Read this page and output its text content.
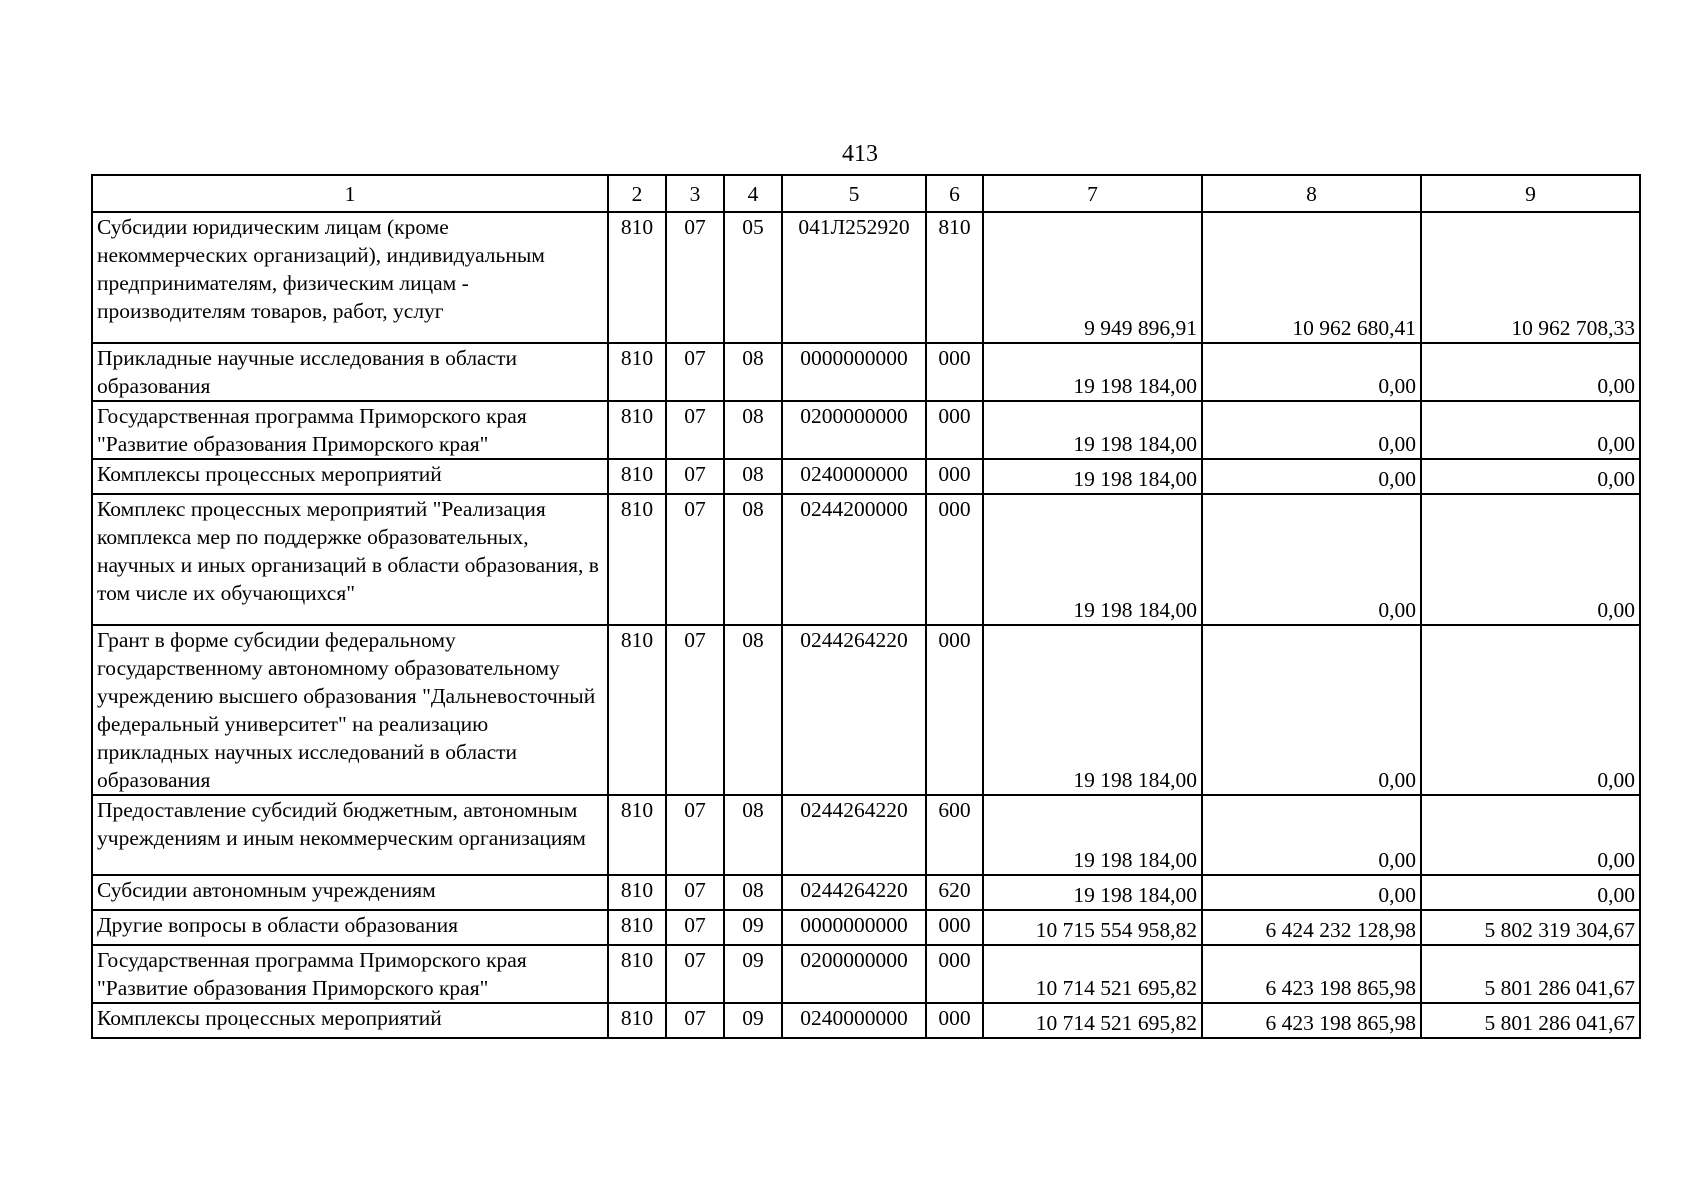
413
1	2	3	4	5	6	7	8	9
Субсидии юридическим лицам (кроме некоммерческих организаций), индивидуальным предпринимателям, физическим лицам - производителям товаров, работ, услуг	810	07	05	041Л252920	810	9 949 896,91	10 962 680,41	10 962 708,33
Прикладные научные исследования в области образования	810	07	08	0000000000	000	19 198 184,00	0,00	0,00
Государственная программа Приморского края "Развитие образования Приморского края"	810	07	08	0200000000	000	19 198 184,00	0,00	0,00
Комплексы процессных мероприятий	810	07	08	0240000000	000	19 198 184,00	0,00	0,00
Комплекс процессных мероприятий "Реализация комплекса мер по поддержке образовательных, научных и иных организаций в области образования, в том числе их обучающихся"	810	07	08	0244200000	000	19 198 184,00	0,00	0,00
Грант в форме субсидии федеральному государственному автономному образовательному учреждению высшего образования "Дальневосточный федеральный университет" на реализацию прикладных научных исследований в области образования	810	07	08	0244264220	000	19 198 184,00	0,00	0,00
Предоставление субсидий бюджетным, автономным учреждениям и иным некоммерческим организациям	810	07	08	0244264220	600	19 198 184,00	0,00	0,00
Субсидии автономным учреждениям	810	07	08	0244264220	620	19 198 184,00	0,00	0,00
Другие вопросы в области образования	810	07	09	0000000000	000	10 715 554 958,82	6 424 232 128,98	5 802 319 304,67
Государственная программа Приморского края "Развитие образования Приморского края"	810	07	09	0200000000	000	10 714 521 695,82	6 423 198 865,98	5 801 286 041,67
Комплексы процессных мероприятий	810	07	09	0240000000	000	10 714 521 695,82	6 423 198 865,98	5 801 286 041,67
